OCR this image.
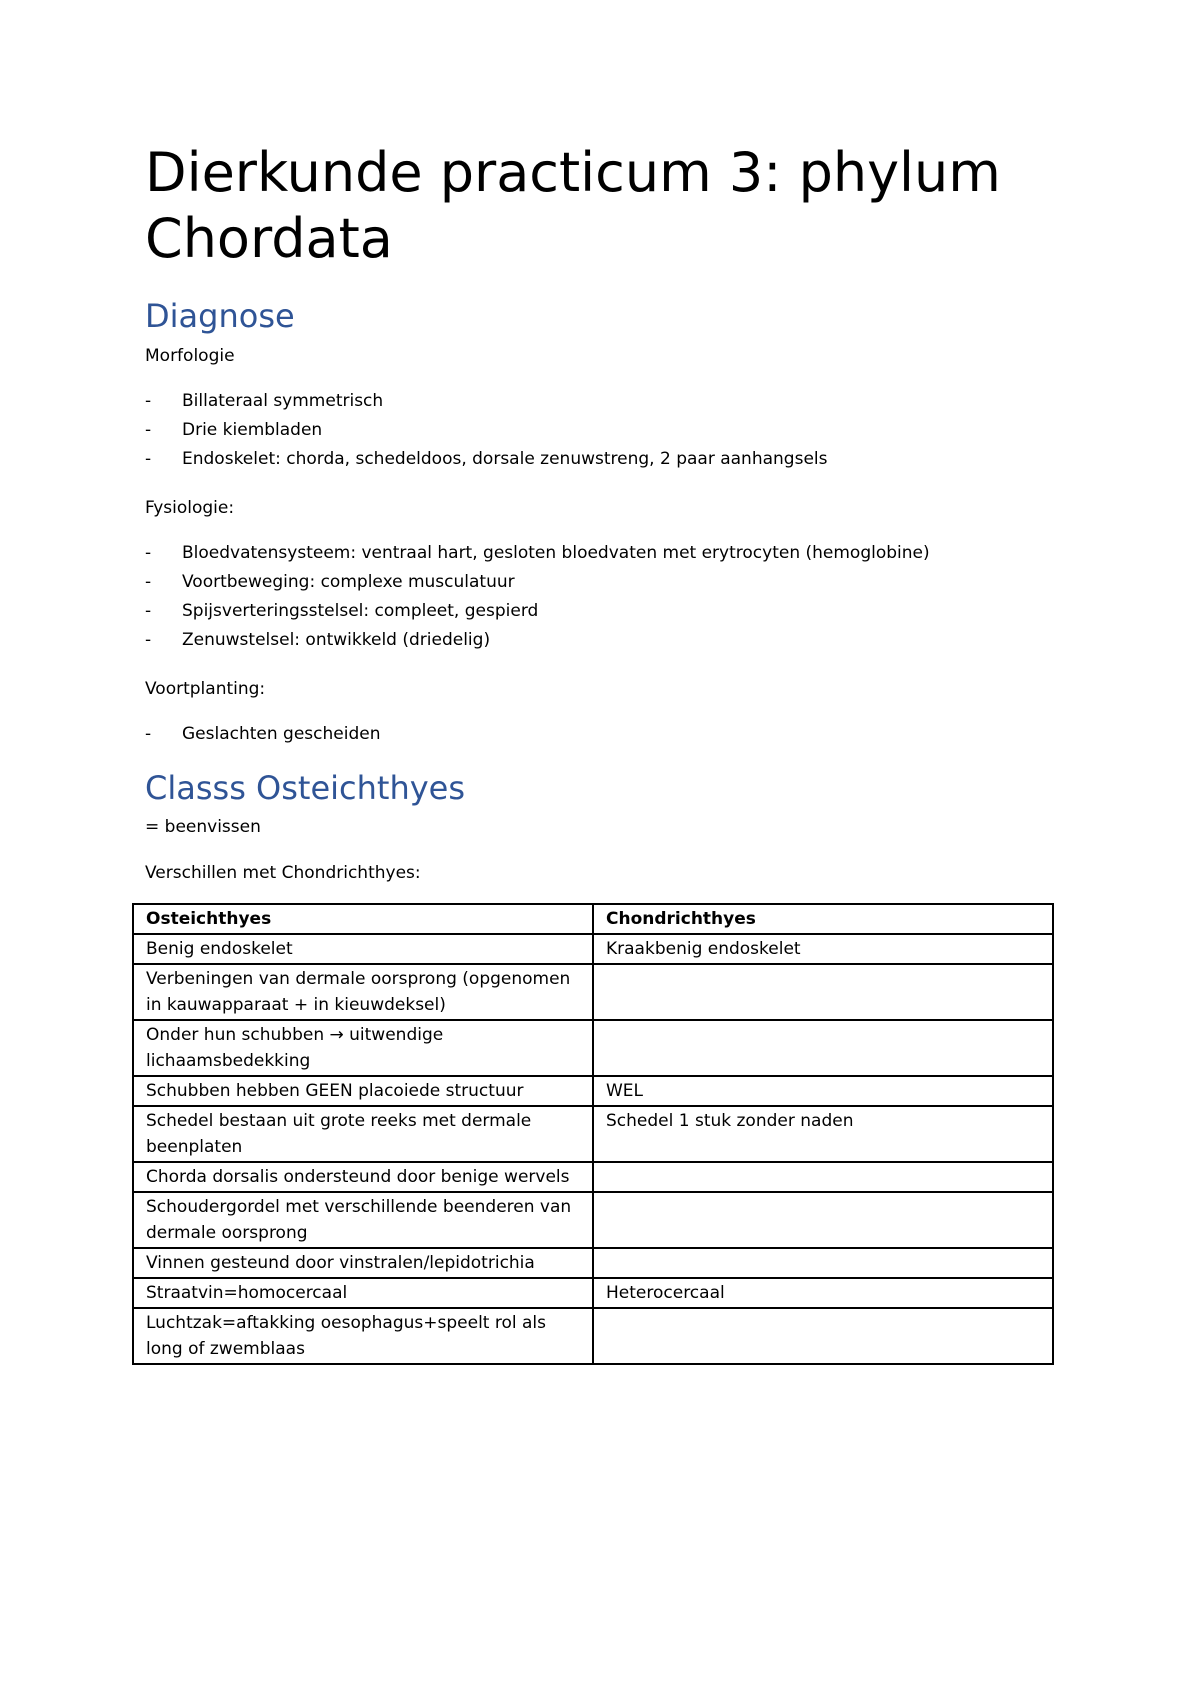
Dierkunde practicum 3: phylum Chordata
Diagnose

Morfologie

- Billateraal symmetrisch
- Drie kiembladen
- Endoskelet: chorda, schedeldoos, dorsale zenuwstreng, 2 paar aanhangsels

Fysiologie:

- Bloedvatensysteem: ventraal hart, gesloten bloedvaten met erytrocyten (hemoglobine)
- Voortbeweging: complexe musculatuur
- Spijsverteringsstelsel: compleet, gespierd
- Zenuwstelsel: ontwikkeld (driedelig)

Voortplanting:

- Geslachten gescheiden
Classs Osteichthyes

= beenvissen

Verschillen met Chondrichthyes:

Osteichthyes	Chondrichthyes
Benig endoskelet	Kraakbenig endoskelet
Verbeningen van dermale oorsprong (opgenomen in kauwapparaat + in kieuwdeksel)	
Onder hun schubben → uitwendige lichaamsbedekking	
Schubben hebben GEEN placoiede structuur	WEL
Schedel bestaan uit grote reeks met dermale beenplaten	Schedel 1 stuk zonder naden
Chorda dorsalis ondersteund door benige wervels	
Schoudergordel met verschillende beenderen van dermale oorsprong	
Vinnen gesteund door vinstralen/lepidotrichia	
Straatvin=homocercaal	Heterocercaal
Luchtzak=aftakking oesophagus+speelt rol als long of zwemblaas	
